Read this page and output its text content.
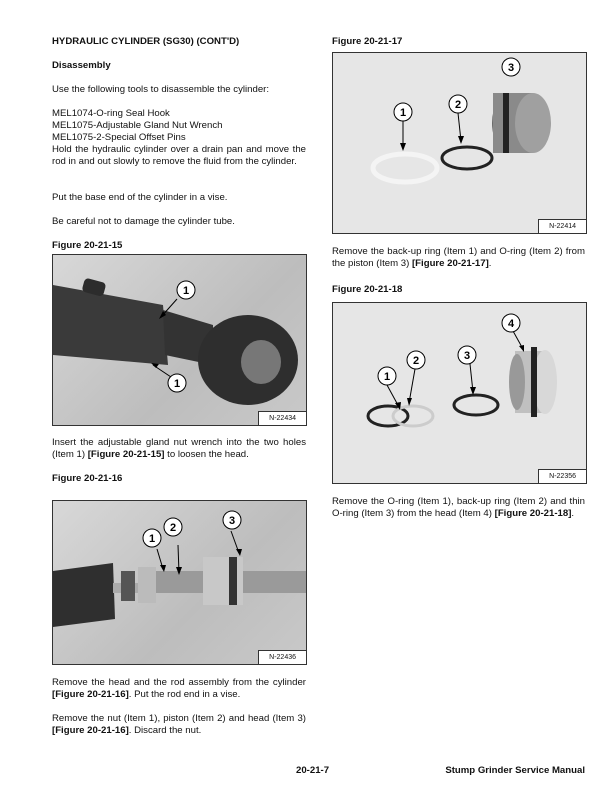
HYDRAULIC CYLINDER (SG30) (CONT'D)

Disassembly

Use the following tools to disassemble the cylinder:

MEL1074-O-ring Seal Hook

MEL1075-Adjustable Gland Nut Wrench

MEL1075-2-Special Offset Pins

Hold the hydraulic cylinder over a drain pan and move the rod in and out slowly to remove the fluid from the cylinder.

Put the base end of the cylinder in a vise.

Be careful not to damage the cylinder tube.

Figure 20-21-15

1
1
N-22434

Insert the adjustable gland nut wrench into the two holes (Item 1) [Figure 20-21-15] to loosen the head.

Figure 20-21-16

1
2
3
N-22436

Remove the head and the rod assembly from the cylinder [Figure 20-21-16]. Put the rod end in a vise.

Remove the nut (Item 1), piston (Item 2) and head (Item 3) [Figure 20-21-16]. Discard the nut.

Figure 20-21-17

1
2
3
N-22414

Remove the back-up ring (Item 1) and O-ring (Item 2) from the piston (Item 3) [Figure 20-21-17].

Figure 20-21-18

1
2	3
4
N-22356

Remove the O-ring (Item 1), back-up ring (Item 2) and thin O-ring (Item 3) from the head (Item 4) [Figure 20-21-18].

20-21-7	Stump Grinder Service Manual
